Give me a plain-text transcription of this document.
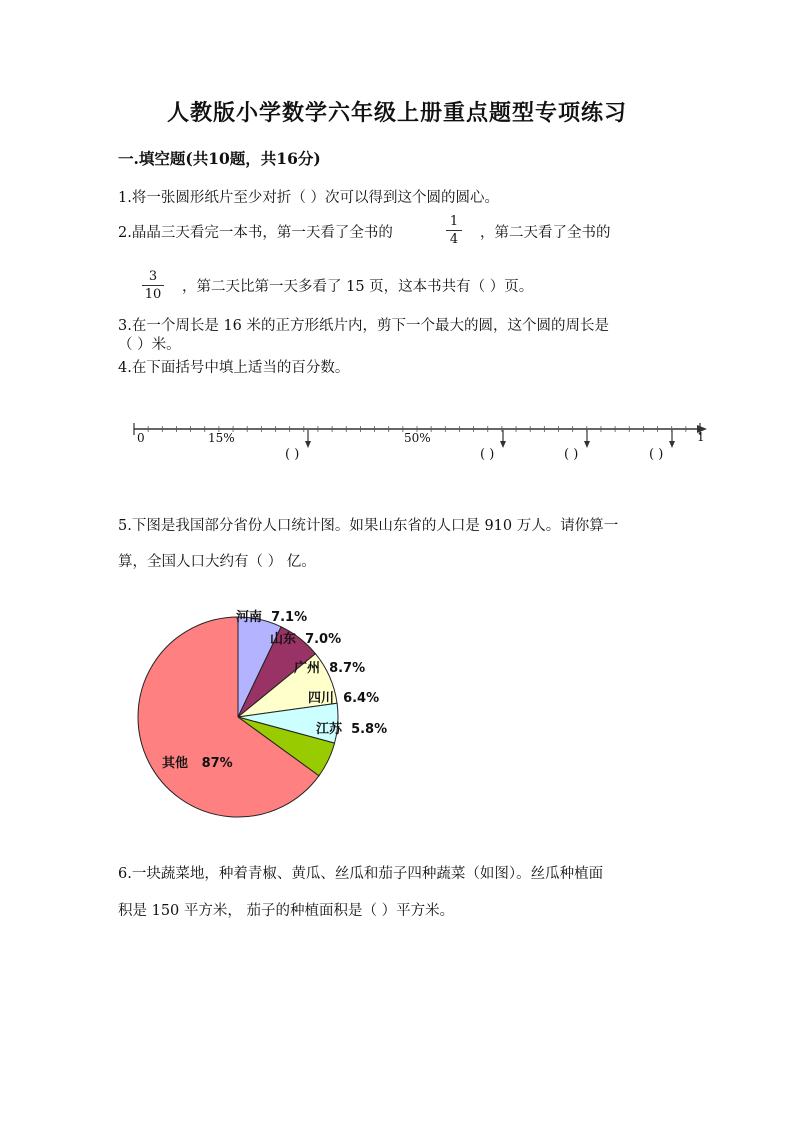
人教版小学数学六年级上册重点题型专项练习
一.填空题(共10题，共16分)
1.将一张圆形纸片至少对折（ ）次可以得到这个圆的圆心。
2.晶晶三天看完一本书，第一天看了全书的
1
4 ，第二天看了全书的
3
10 ，第二天比第一天多看了 15 页，这本书共有（ ）页。
3.在一个周长是 16 米的正方形纸片内，剪下一个最大的圆，这个圆的周长是
（ ）米。
4.在下面括号中填上适当的百分数。
0	15%	50%	1
( )	( )	( )	( )
5.下图是我国部分省份人口统计图。如果山东省的人口是 910 万人。请你算一
算，全国人口大约有（ ） 亿。
河南 7.1%
山东 7.0%
广州 8.7%
四川 6.4%
江苏 5.8%
其他 87%
6.一块蔬菜地，种着青椒、黄瓜、丝瓜和茄子四种蔬菜（如图）。丝瓜种植面
积是 150 平方米， 茄子的种植面积是（ ）平方米。
